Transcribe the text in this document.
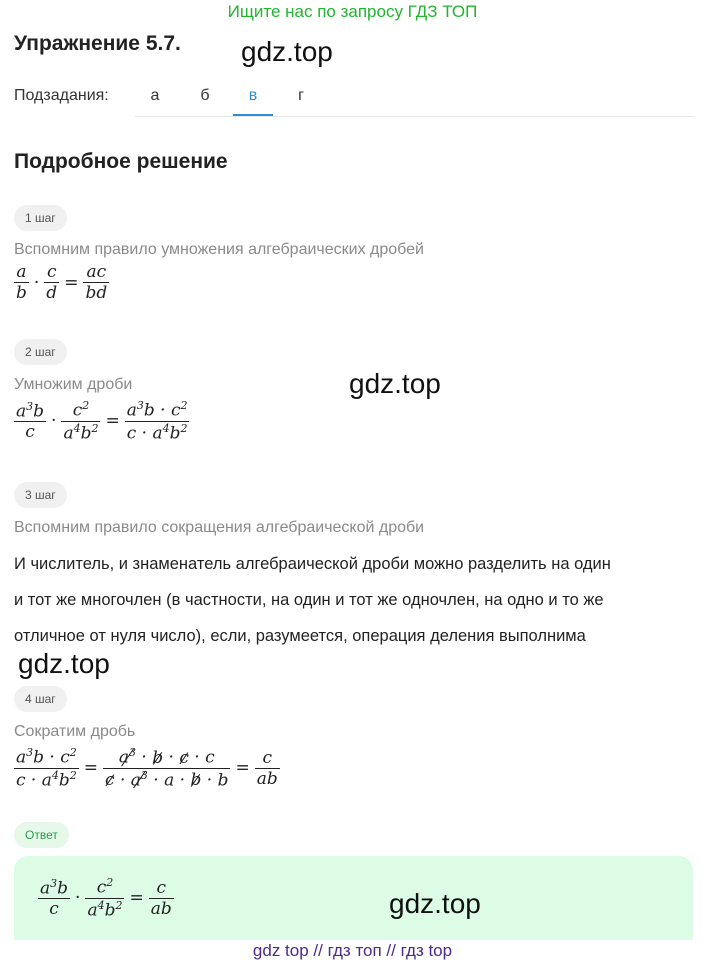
Ищите нас по запросу ГДЗ ТОП
Упражнение 5.7. gdz.top
Подзадания:	а	б	в	г
Подробное решение
1 шаг
Вспомним правило умножения алгебраических дробей
$\frac{a}{b} \cdot \frac{c}{d} = \frac{ac}{bd}$
2 шаг
Умножим дроби	gdz.top
$\frac{a^3b}{c} \cdot \frac{c^2}{a^4b^2} = \frac{a^3b \cdot c^2}{c \cdot a^4b^2}$
3 шаг
Вспомним правило сокращения алгебраической дроби
И числитель, и знаменатель алгебраической дроби можно разделить на один
и тот же многочлен (в частности, на один и тот же одночлен, на одно и то же
отличное от нуля число), если, разумеется, операция деления выполнима
gdz.top
4 шаг
Сократим дробь
$\frac{a^3b \cdot c^2}{c \cdot a^4b^2} = \frac{a^3 \cdot b \cdot c \cdot c}{c \cdot a^3 \cdot a \cdot b \cdot b} = \frac{c}{ab}$
Ответ
$\frac{a^3b}{c} \cdot \frac{c^2}{a^4b^2} = \frac{c}{ab}$	gdz.top
gdz top // гдз топ // гдз top
